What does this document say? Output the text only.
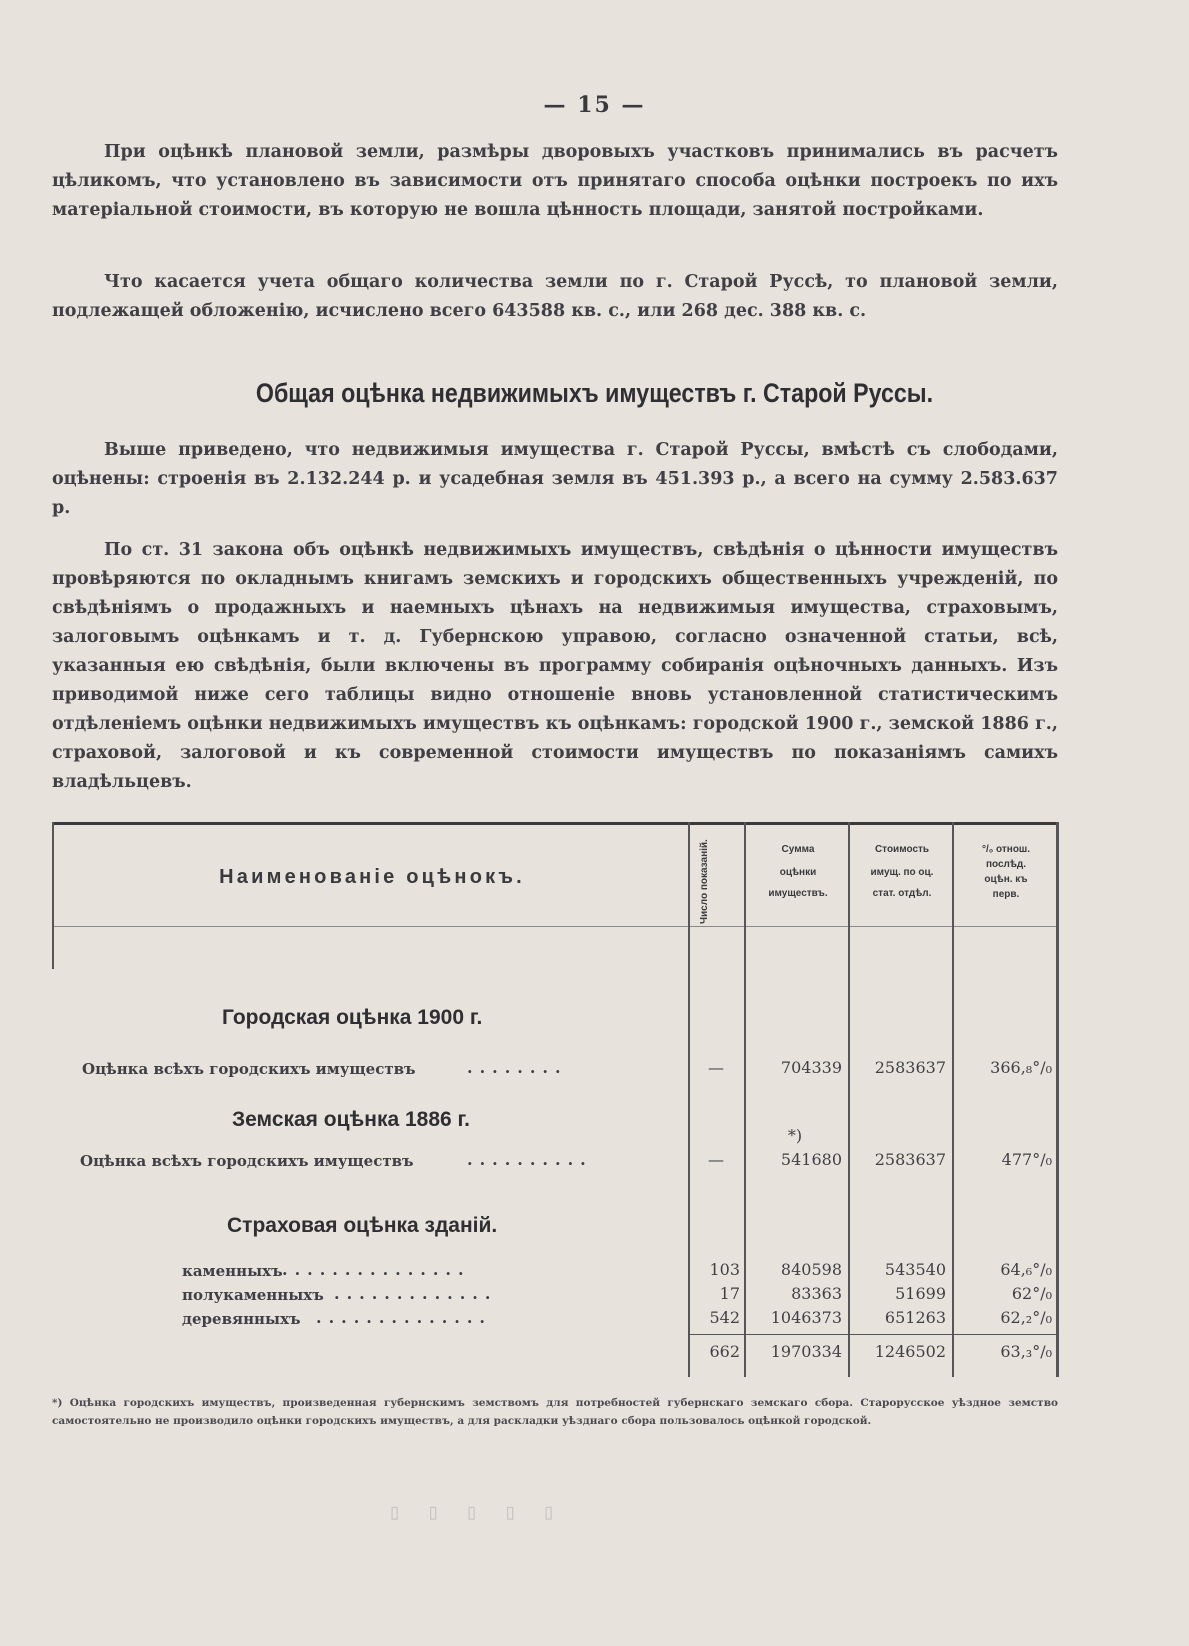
— 15 —

При оцѣнкѣ плановой земли, размѣры дворовыхъ участковъ принимались въ расчетъ цѣликомъ, что установлено въ зависимости отъ принятаго способа оцѣнки построекъ по ихъ матеріальной стоимости, въ которую не вошла цѣнность площади, занятой постройками.

Что касается учета общаго количества земли по г. Старой Руссѣ, то плановой земли, подлежащей обложенію, исчислено всего 643588 кв. с., или 268 дес. 388 кв. с.

Общая оцѣнка недвижимыхъ имуществъ г. Старой Руссы.

Выше приведено, что недвижимыя имущества г. Старой Руссы, вмѣстѣ съ слободами, оцѣнены: строенія въ 2.132.244 р. и усадебная земля въ 451.393 р., а всего на сумму 2.583.637 р.

По ст. 31 закона объ оцѣнкѣ недвижимыхъ имуществъ, свѣдѣнія о цѣнности имуществъ провѣряются по окладнымъ книгамъ земскихъ и городскихъ общественныхъ учрежденій, по свѣдѣніямъ о продажныхъ и наемныхъ цѣнахъ на недвижимыя имущества, страховымъ, залоговымъ оцѣнкамъ и т. д. Губернскою управою, согласно означенной статьи, всѣ, указанныя ею свѣдѣнія, были включены въ программу собиранія оцѣночныхъ данныхъ. Изъ приводимой ниже сего таблицы видно отношеніе вновь установленной статистическимъ отдѣленіемъ оцѣнки недвижимыхъ имуществъ къ оцѣнкамъ: городской 1900 г., земской 1886 г., страховой, залоговой и къ современной стоимости имуществъ по показаніямъ самихъ владѣльцевъ.

Наименованіе оцѣнокъ.	Число показаній.	Сумма
оцѣнки
имуществъ.
Стоимость
имущ. по оц.
стат. отдѣл.
°/₀ отнош.
послѣд.
оцѣн. къ
перв.
Городская оцѣнка 1900 г.
Оцѣнка всѣхъ городскихъ имуществъ	........	—	704339	2583637	366,₈°/₀
Земская оцѣнка 1886 г.
*)
Оцѣнка всѣхъ городскихъ имуществъ	..........	—	541680	2583637	477°/₀
Страховая оцѣнка зданій.
каменныхъ ...............	103	840598	543540	64,₆°/₀
полукаменныхъ .............	17	83363	51699	62°/₀
деревянныхъ ..............	542	1046373	651263	62,₂°/₀
662	1970334	1246502	63,₃°/₀

*) Оцѣнка городскихъ имуществъ, произведенная губернскимъ земствомъ для потребностей губернскаго земскаго сбора. Старорусское уѣздное земство самостоятельно не производило оцѣнки городскихъ имуществъ, а для раскладки уѣзднаго сбора пользовалось оцѣнкой городской.

▯ ▯ ▯ ▯ ▯
